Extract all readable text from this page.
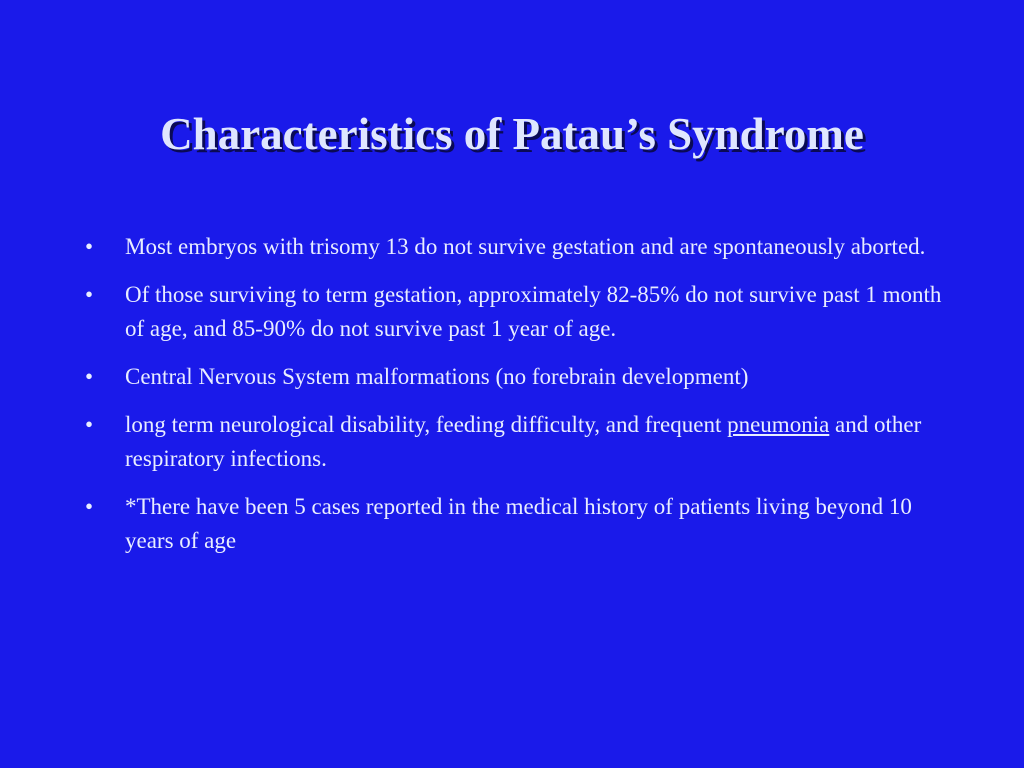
Characteristics of Patau’s Syndrome
•	Most embryos with trisomy 13 do not survive gestation and are spontaneously aborted.
•	Of those surviving to term gestation, approximately 82-85% do not survive past 1 month of age, and 85-90% do not survive past 1 year of age.
•	Central Nervous System malformations (no forebrain development)
•	long term neurological disability, feeding difficulty, and frequent pneumonia and other respiratory infections.
•	*There have been 5 cases reported in the medical history of patients living beyond 10 years of age
